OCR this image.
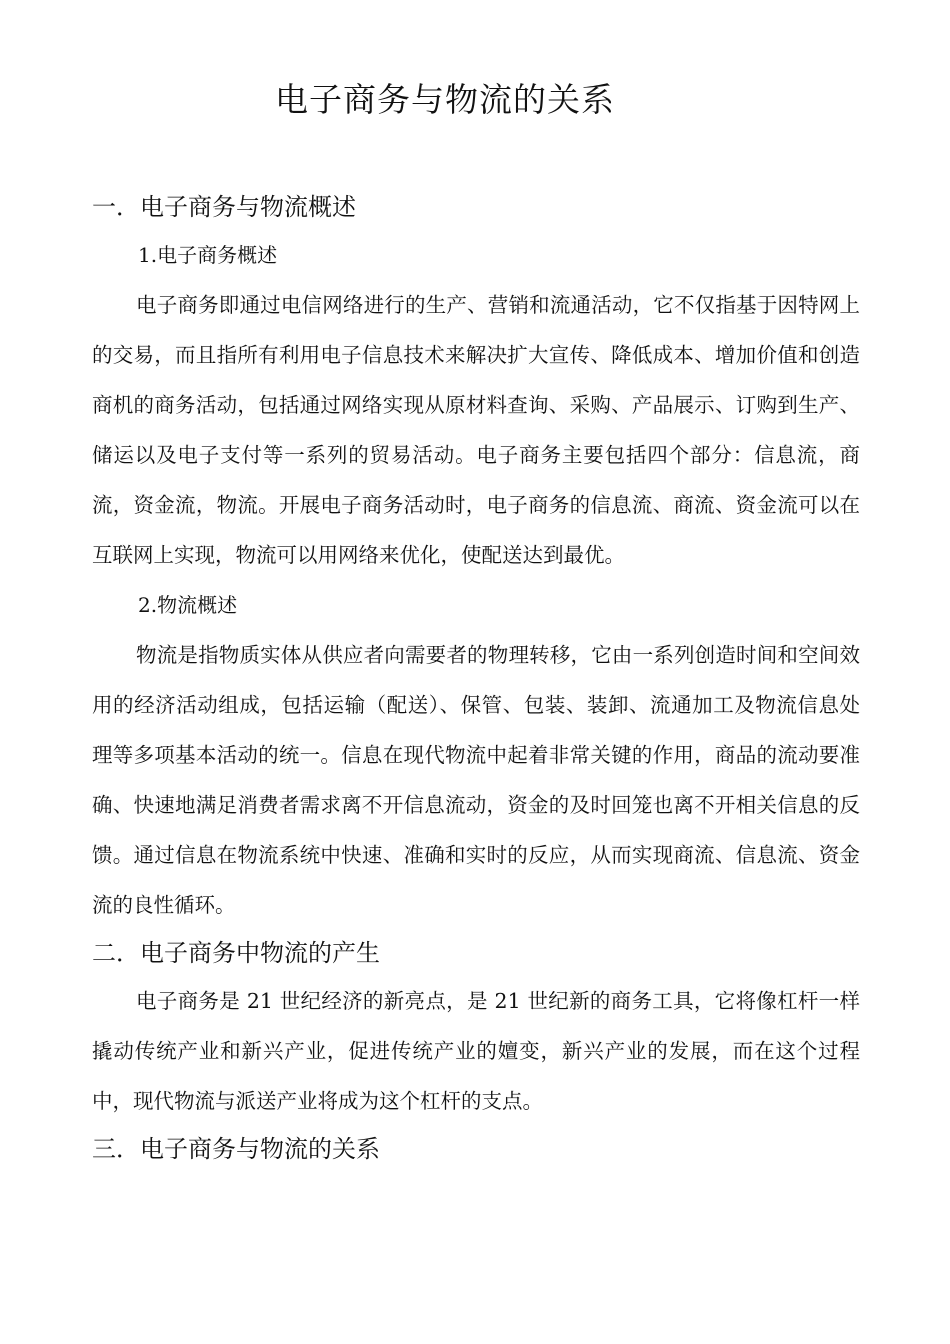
电子商务与物流的关系
一．电子商务与物流概述
1.电子商务概述

电子商务即通过电信网络进行的生产、营销和流通活动，它不仅指基于因特网上的交易，而且指所有利用电子信息技术来解决扩大宣传、降低成本、增加价值和创造商机的商务活动，包括通过网络实现从原材料查询、采购、产品展示、订购到生产、储运以及电子支付等一系列的贸易活动。电子商务主要包括四个部分：信息流，商流，资金流，物流。开展电子商务活动时，电子商务的信息流、商流、资金流可以在互联网上实现，物流可以用网络来优化，使配送达到最优。

2.物流概述

物流是指物质实体从供应者向需要者的物理转移，它由一系列创造时间和空间效用的经济活动组成，包括运输（配送）、保管、包装、装卸、流通加工及物流信息处理等多项基本活动的统一。信息在现代物流中起着非常关键的作用，商品的流动要准确、快速地满足消费者需求离不开信息流动，资金的及时回笼也离不开相关信息的反馈。通过信息在物流系统中快速、准确和实时的反应，从而实现商流、信息流、资金流的良性循环。

二．电子商务中物流的产生

电子商务是 21 世纪经济的新亮点，是 21 世纪新的商务工具，它将像杠杆一样撬动传统产业和新兴产业，促进传统产业的嬗变，新兴产业的发展，而在这个过程中，现代物流与派送产业将成为这个杠杆的支点。

三．电子商务与物流的关系
